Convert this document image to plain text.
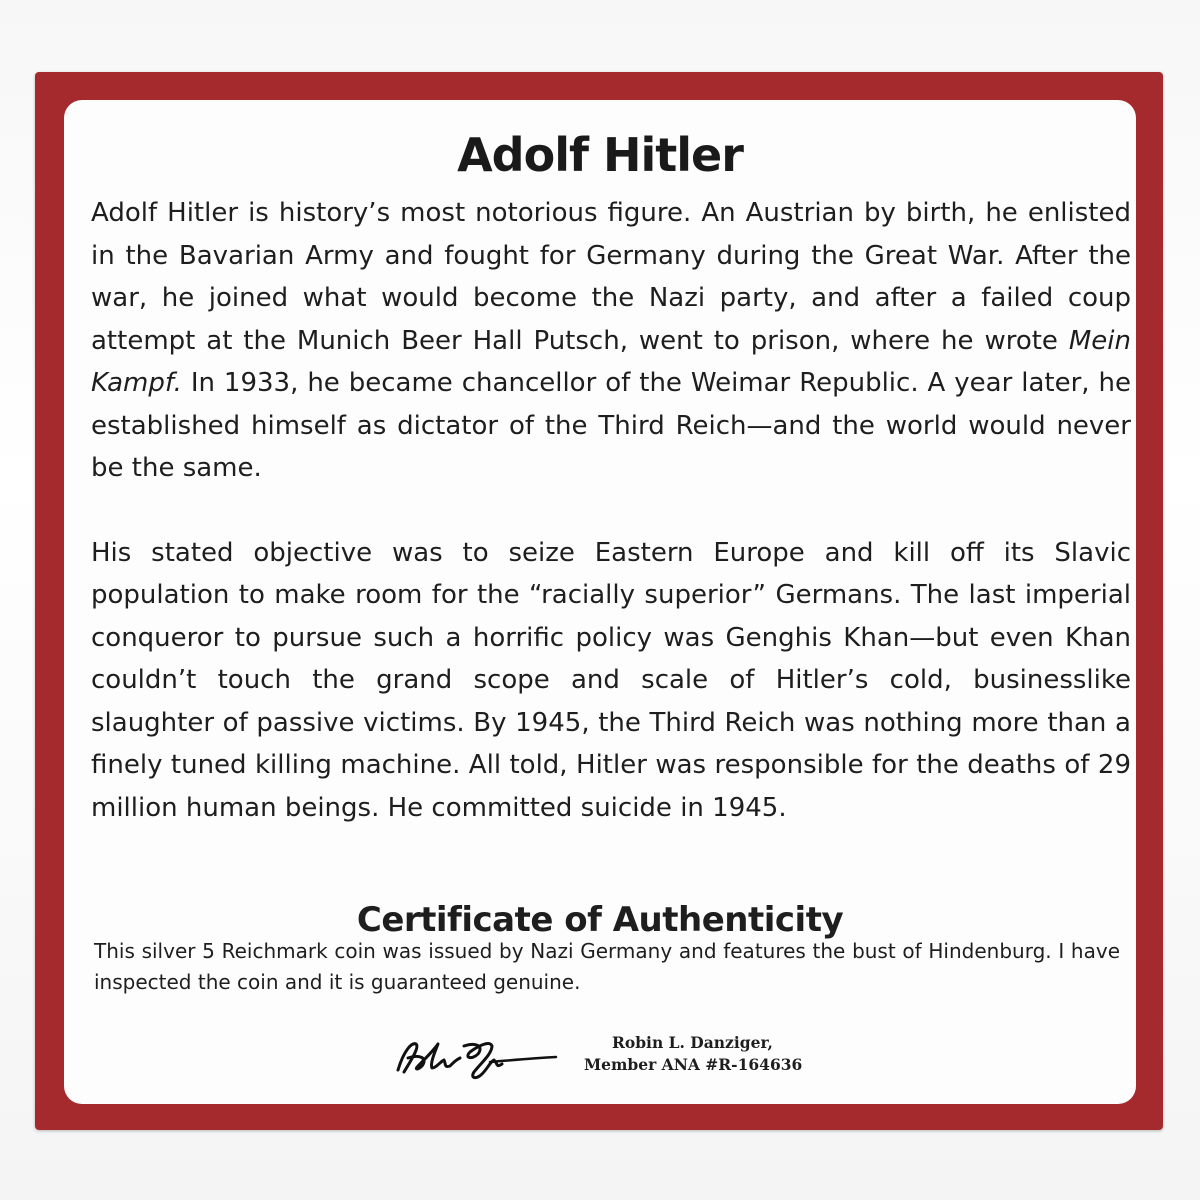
Adolf Hitler

Adolf Hitler is history’s most notorious figure. An Austrian by birth, he enlisted in the Bavarian Army and fought for Germany during the Great War. After the war, he joined what would become the Nazi party, and after a failed coup attempt at the Munich Beer Hall Putsch, went to prison, where he wrote Mein Kampf. In 1933, he became chancellor of the Weimar Republic. A year later, he established himself as dictator of the Third Reich—and the world would never be the same.

His stated objective was to seize Eastern Europe and kill off its Slavic population to make room for the “racially superior” Germans. The last imperial conqueror to pursue such a horrific policy was Genghis Khan—but even Khan couldn’t touch the grand scope and scale of Hitler’s cold, businesslike slaughter of passive victims. By 1945, the Third Reich was nothing more than a finely tuned killing machine. All told, Hitler was responsible for the deaths of 29 million human beings. He committed suicide in 1945.

Certificate of Authenticity

This silver 5 Reichmark coin was issued by Nazi Germany and features the bust of Hindenburg. I have inspected the coin and it is guaranteed genuine.

Robin L. Danziger,
Member ANA #R-164636
